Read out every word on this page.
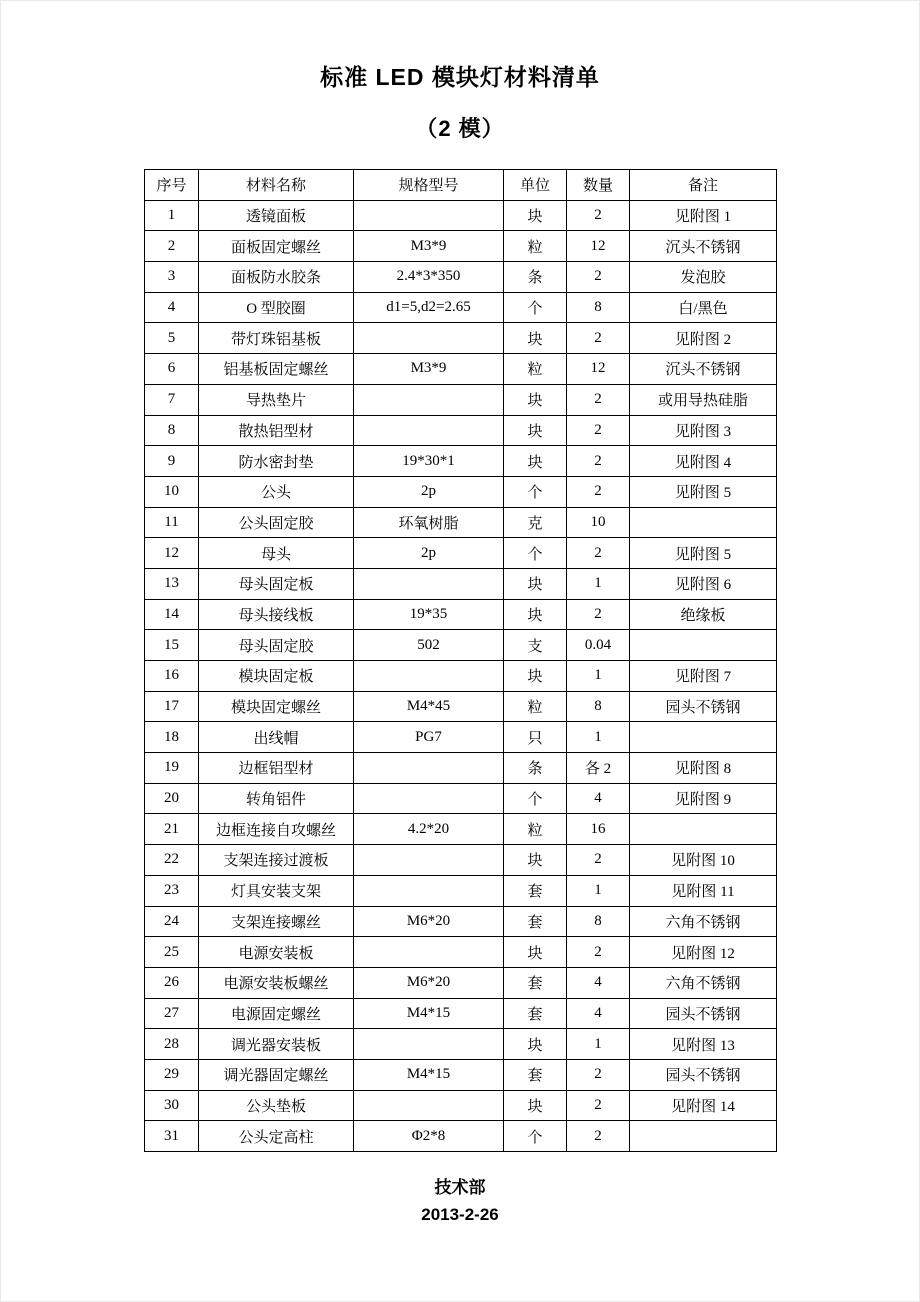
标准 LED 模块灯材料清单
（2 模）
序号	材料名称	规格型号	单位	数量	备注
1	透镜面板		块	2	见附图 1
2	面板固定螺丝	M3*9	粒	12	沉头不锈钢
3	面板防水胶条	2.4*3*350	条	2	发泡胶
4	O 型胶圈	d1=5,d2=2.65	个	8	白/黑色
5	带灯珠铝基板		块	2	见附图 2
6	铝基板固定螺丝	M3*9	粒	12	沉头不锈钢
7	导热垫片		块	2	或用导热硅脂
8	散热铝型材		块	2	见附图 3
9	防水密封垫	19*30*1	块	2	见附图 4
10	公头	2p	个	2	见附图 5
11	公头固定胶	环氧树脂	克	10	
12	母头	2p	个	2	见附图 5
13	母头固定板		块	1	见附图 6
14	母头接线板	19*35	块	2	绝缘板
15	母头固定胶	502	支	0.04	
16	模块固定板		块	1	见附图 7
17	模块固定螺丝	M4*45	粒	8	园头不锈钢
18	出线帽	PG7	只	1	
19	边框铝型材		条	各 2	见附图 8
20	转角铝件		个	4	见附图 9
21	边框连接自攻螺丝	4.2*20	粒	16	
22	支架连接过渡板		块	2	见附图 10
23	灯具安装支架		套	1	见附图 11
24	支架连接螺丝	M6*20	套	8	六角不锈钢
25	电源安装板		块	2	见附图 12
26	电源安装板螺丝	M6*20	套	4	六角不锈钢
27	电源固定螺丝	M4*15	套	4	园头不锈钢
28	调光器安装板		块	1	见附图 13
29	调光器固定螺丝	M4*15	套	2	园头不锈钢
30	公头垫板		块	2	见附图 14
31	公头定高柱	Φ2*8	个	2	
技术部
2013-2-26
